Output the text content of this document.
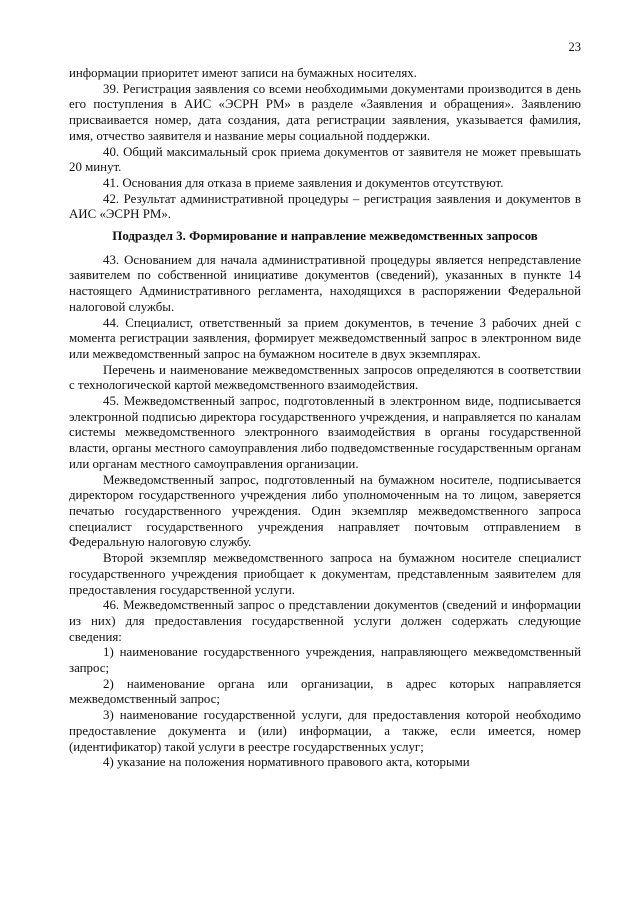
23

информации приоритет имеют записи на бумажных носителях.

39. Регистрация заявления со всеми необходимыми документами производится в день его поступления в АИС «ЭСРН РМ» в разделе «Заявления и обращения». Заявлению присваивается номер, дата создания, дата регистрации заявления, указывается фамилия, имя, отчество заявителя и название меры социальной поддержки.

40. Общий максимальный срок приема документов от заявителя не может превышать 20 минут.

41. Основания для отказа в приеме заявления и документов отсутствуют.

42. Результат административной процедуры – регистрация заявления и документов в АИС «ЭСРН РМ».

Подраздел 3. Формирование и направление межведомственных запросов

43. Основанием для начала административной процедуры является непредставление заявителем по собственной инициативе документов (сведений), указанных в пункте 14 настоящего Административного регламента, находящихся в распоряжении Федеральной налоговой службы.

44. Специалист, ответственный за прием документов, в течение 3 рабочих дней с момента регистрации заявления, формирует межведомственный запрос в электронном виде или межведомственный запрос на бумажном носителе в двух экземплярах.

Перечень и наименование межведомственных запросов определяются в соответствии с технологической картой межведомственного взаимодействия.

45. Межведомственный запрос, подготовленный в электронном виде, подписывается электронной подписью директора государственного учреждения, и направляется по каналам системы межведомственного электронного взаимодействия в органы государственной власти, органы местного самоуправления либо подведомственные государственным органам или органам местного самоуправления организации.

Межведомственный запрос, подготовленный на бумажном носителе, подписывается директором государственного учреждения либо уполномоченным на то лицом, заверяется печатью государственного учреждения. Один экземпляр межведомственного запроса специалист государственного учреждения направляет почтовым отправлением в Федеральную налоговую службу.

Второй экземпляр межведомственного запроса на бумажном носителе специалист государственного учреждения приобщает к документам, представленным заявителем для предоставления государственной услуги.

46. Межведомственный запрос о представлении документов (сведений и информации из них) для предоставления государственной услуги должен содержать следующие сведения:

1) наименование государственного учреждения, направляющего межведомственный запрос;

2) наименование органа или организации, в адрес которых направляется межведомственный запрос;

3) наименование государственной услуги, для предоставления которой необходимо предоставление документа и (или) информации, а также, если имеется, номер (идентификатор) такой услуги в реестре государственных услуг;

4) указание на положения нормативного правового акта, которыми
